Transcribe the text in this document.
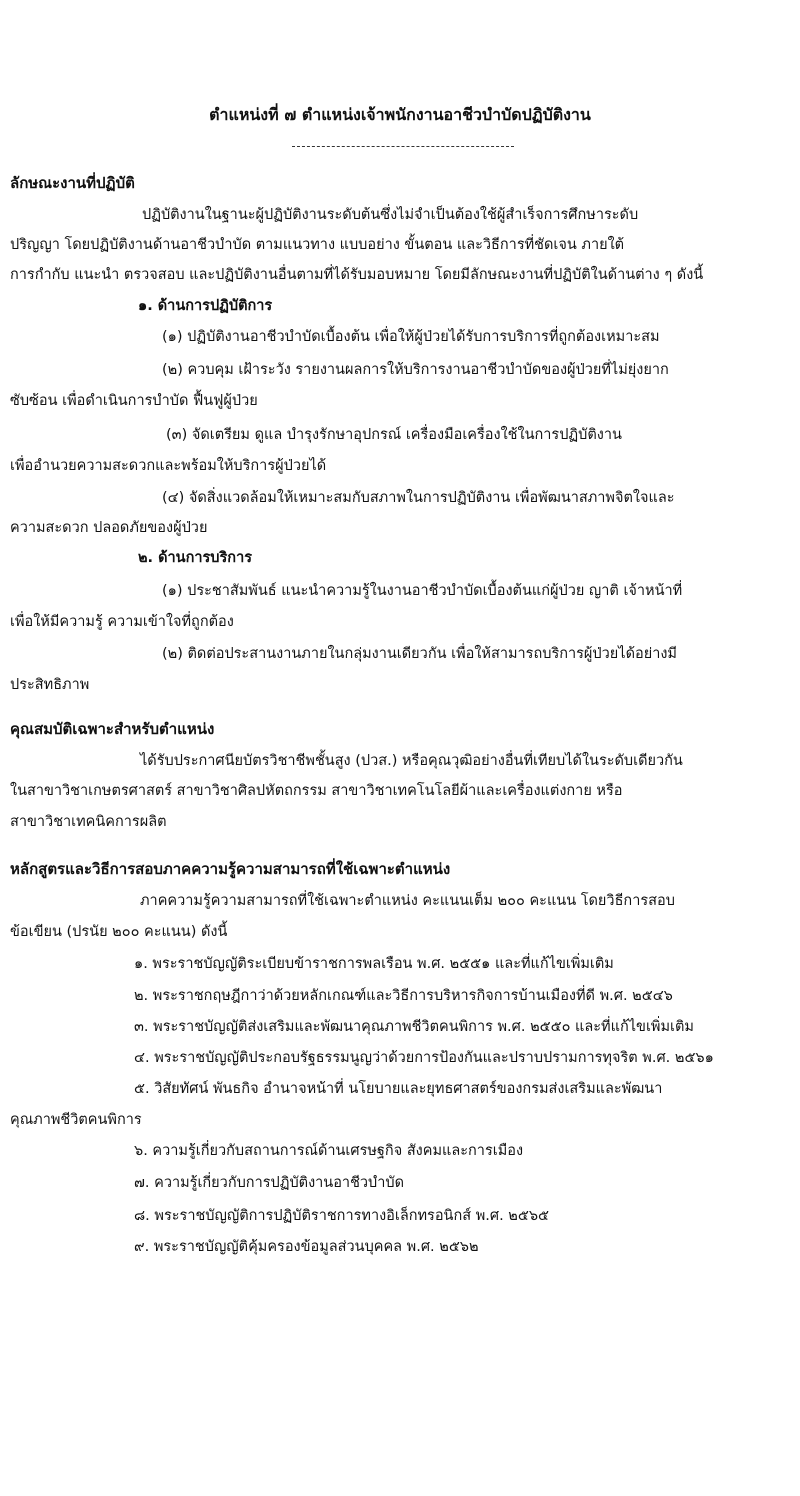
ตำแหน่งที่ ๗ ตำแหน่งเจ้าพนักงานอาชีวบำบัดปฏิบัติงาน
ลักษณะงานที่ปฏิบัติ
ปฏิบัติงานในฐานะผู้ปฏิบัติงานระดับต้นซึ่งไม่จำเป็นต้องใช้ผู้สำเร็จการศึกษาระดับ
ปริญญา โดยปฏิบัติงานด้านอาชีวบำบัด ตามแนวทาง แบบอย่าง ขั้นตอน และวิธีการที่ชัดเจน ภายใต้
การกำกับ แนะนำ ตรวจสอบ และปฏิบัติงานอื่นตามที่ได้รับมอบหมาย โดยมีลักษณะงานที่ปฏิบัติในด้านต่าง ๆ ดังนี้
๑. ด้านการปฏิบัติการ
(๑) ปฏิบัติงานอาชีวบำบัดเบื้องต้น เพื่อให้ผู้ป่วยได้รับการบริการที่ถูกต้องเหมาะสม
(๒) ควบคุม เฝ้าระวัง รายงานผลการให้บริการงานอาชีวบำบัดของผู้ป่วยที่ไม่ยุ่งยาก
ซับซ้อน เพื่อดำเนินการบำบัด ฟื้นฟูผู้ป่วย
(๓) จัดเตรียม ดูแล บำรุงรักษาอุปกรณ์ เครื่องมือเครื่องใช้ในการปฏิบัติงาน
เพื่ออำนวยความสะดวกและพร้อมให้บริการผู้ป่วยได้
(๔) จัดสิ่งแวดล้อมให้เหมาะสมกับสภาพในการปฏิบัติงาน เพื่อพัฒนาสภาพจิตใจและ
ความสะดวก ปลอดภัยของผู้ป่วย
๒. ด้านการบริการ
(๑) ประชาสัมพันธ์ แนะนำความรู้ในงานอาชีวบำบัดเบื้องต้นแก่ผู้ป่วย ญาติ เจ้าหน้าที่
เพื่อให้มีความรู้ ความเข้าใจที่ถูกต้อง
(๒) ติดต่อประสานงานภายในกลุ่มงานเดียวกัน เพื่อให้สามารถบริการผู้ป่วยได้อย่างมี
ประสิทธิภาพ
คุณสมบัติเฉพาะสำหรับตำแหน่ง
ได้รับประกาศนียบัตรวิชาชีพชั้นสูง (ปวส.) หรือคุณวุฒิอย่างอื่นที่เทียบได้ในระดับเดียวกัน
ในสาขาวิชาเกษตรศาสตร์ สาขาวิชาศิลปหัตถกรรม สาขาวิชาเทคโนโลยีผ้าและเครื่องแต่งกาย หรือ
สาขาวิชาเทคนิคการผลิต
หลักสูตรและวิธีการสอบภาคความรู้ความสามารถที่ใช้เฉพาะตำแหน่ง
ภาคความรู้ความสามารถที่ใช้เฉพาะตำแหน่ง คะแนนเต็ม ๒๐๐ คะแนน โดยวิธีการสอบ
ข้อเขียน (ปรนัย ๒๐๐ คะแนน) ดังนี้
๑. พระราชบัญญัติระเบียบข้าราชการพลเรือน พ.ศ. ๒๕๕๑ และที่แก้ไขเพิ่มเติม
๒. พระราชกฤษฎีกาว่าด้วยหลักเกณฑ์และวิธีการบริหารกิจการบ้านเมืองที่ดี พ.ศ. ๒๕๔๖
๓. พระราชบัญญัติส่งเสริมและพัฒนาคุณภาพชีวิตคนพิการ พ.ศ. ๒๕๕๐ และที่แก้ไขเพิ่มเติม
๔. พระราชบัญญัติประกอบรัฐธรรมนูญว่าด้วยการป้องกันและปราบปรามการทุจริต พ.ศ. ๒๕๖๑
๕. วิสัยทัศน์ พันธกิจ อำนาจหน้าที่ นโยบายและยุทธศาสตร์ของกรมส่งเสริมและพัฒนา
คุณภาพชีวิตคนพิการ
๖. ความรู้เกี่ยวกับสถานการณ์ด้านเศรษฐกิจ สังคมและการเมือง
๗. ความรู้เกี่ยวกับการปฏิบัติงานอาชีวบำบัด
๘. พระราชบัญญัติการปฏิบัติราชการทางอิเล็กทรอนิกส์ พ.ศ. ๒๕๖๕
๙. พระราชบัญญัติคุ้มครองข้อมูลส่วนบุคคล พ.ศ. ๒๕๖๒
